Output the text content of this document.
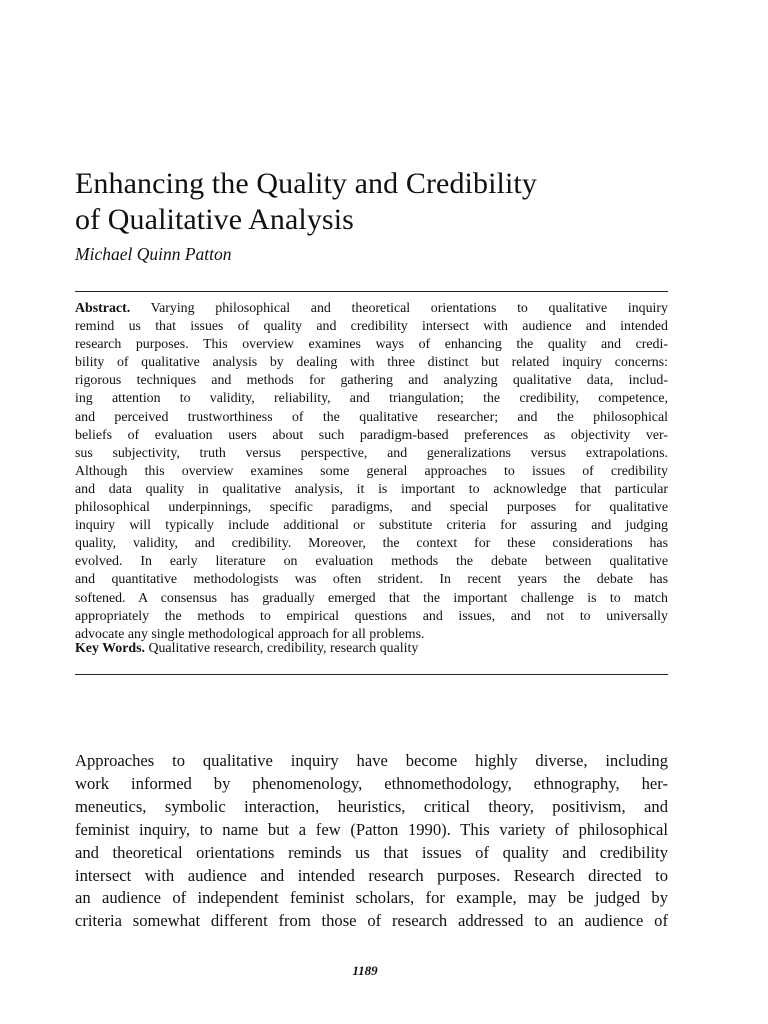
Enhancing the Quality and Credibility
of Qualitative Analysis
Michael Quinn Patton
Abstract. Varying philosophical and theoretical orientations to qualitative inquiry
remind us that issues of quality and credibility intersect with audience and intended
research purposes. This overview examines ways of enhancing the quality and credi-
bility of qualitative analysis by dealing with three distinct but related inquiry concerns:
rigorous techniques and methods for gathering and analyzing qualitative data, includ-
ing attention to validity, reliability, and triangulation; the credibility, competence,
and perceived trustworthiness of the qualitative researcher; and the philosophical
beliefs of evaluation users about such paradigm-based preferences as objectivity ver-
sus subjectivity, truth versus perspective, and generalizations versus extrapolations.
Although this overview examines some general approaches to issues of credibility
and data quality in qualitative analysis, it is important to acknowledge that particular
philosophical underpinnings, specific paradigms, and special purposes for qualitative
inquiry will typically include additional or substitute criteria for assuring and judging
quality, validity, and credibility. Moreover, the context for these considerations has
evolved. In early literature on evaluation methods the debate between qualitative
and quantitative methodologists was often strident. In recent years the debate has
softened. A consensus has gradually emerged that the important challenge is to match
appropriately the methods to empirical questions and issues, and not to universally
advocate any single methodological approach for all problems.
Key Words. Qualitative research, credibility, research quality
Approaches to qualitative inquiry have become highly diverse, including
work informed by phenomenology, ethnomethodology, ethnography, her-
meneutics, symbolic interaction, heuristics, critical theory, positivism, and
feminist inquiry, to name but a few (Patton 1990). This variety of philosophical
and theoretical orientations reminds us that issues of quality and credibility
intersect with audience and intended research purposes. Research directed to
an audience of independent feminist scholars, for example, may be judged by
criteria somewhat different from those of research addressed to an audience of
1189
